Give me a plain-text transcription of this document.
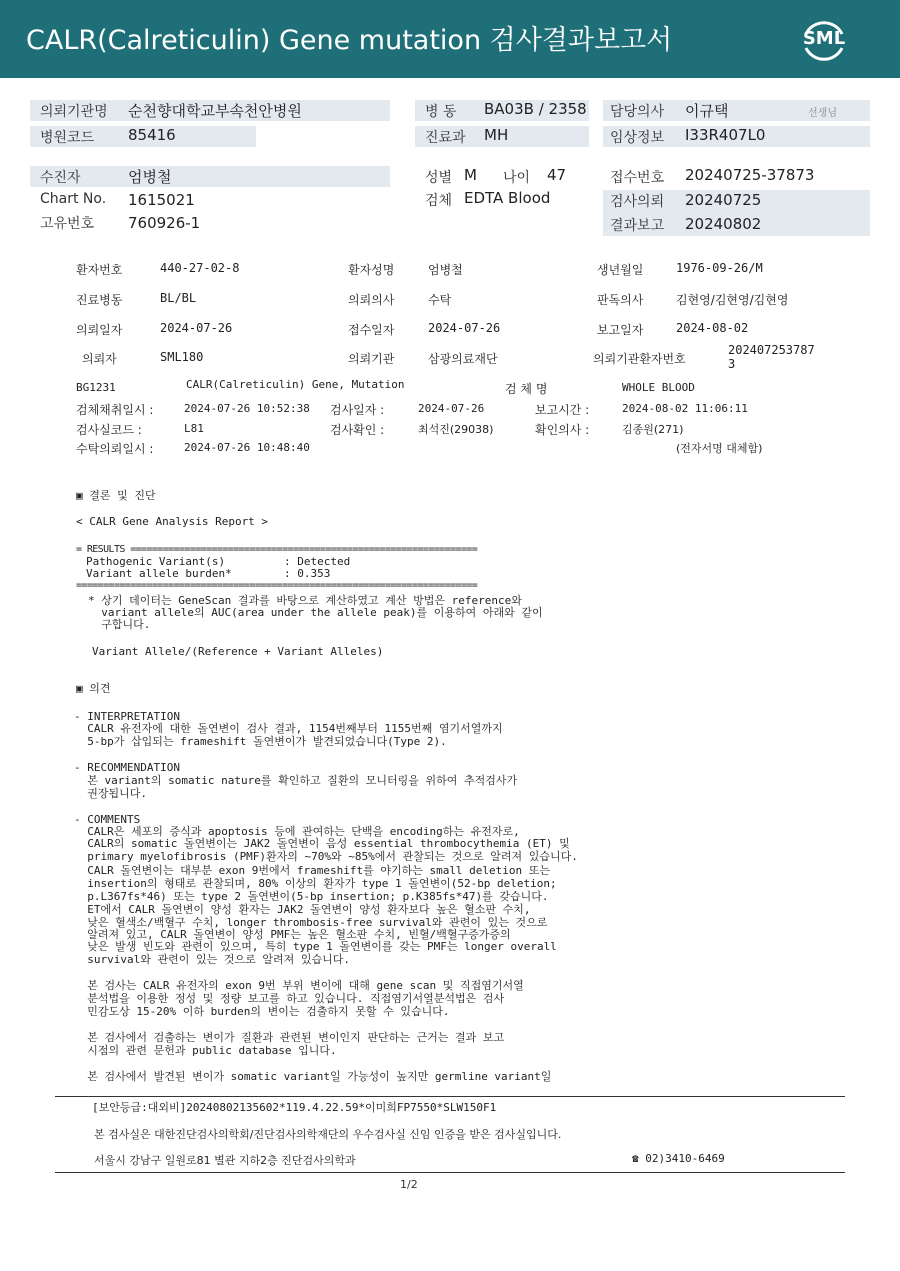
CALR(Calreticulin) Gene mutation 검사결과보고서	SML
의뢰기관명 순천향대학교부속천안병원
병원코드 85416
병 동 BA03B / 2358
진료과 MH
담당의사 이규택	선생님
임상정보 I33R407L0
수진자	엄병철
Chart No. 1615021
고유번호 760926-1
성별 M 나이 47
검체 EDTA Blood
접수번호 20240725-37873
검사의뢰 20240725
결과보고 20240802
환자번호	440-27-02-8	환자성명	엄병철	생년월일	1976-09-26/M
진료병동	BL/BL	의뢰의사	수탁	판독의사	김현영/김현영/김현영
의뢰일자	2024-07-26	접수일자	2024-07-26	보고일자	2024-08-02
의뢰자	SML180	의뢰기관	삼광의료재단	의뢰기관환자번호
202407253787
3
BG1231	CALR(Calreticulin) Gene, Mutation	검 체 명	WHOLE BLOOD
검체채취일시 :	2024-07-26 10:52:38 검사일자 :	2024-07-26	보고시간 :	2024-08-02 11:06:11
검사실코드 :	L81	검사확인 :	최석진(29038)	확인의사 :	김종원(271)
수탁의뢰일시 :	2024-07-26 10:48:40	(전자서명 대체함)
▣ 결론 및 진단
< CALR Gene Analysis Report >
= RESULTS ================================================================
Pathogenic Variant(s)	: Detected
Variant allele burden*	: 0.353
==========================================================================
* 상기 데이터는 GeneScan 결과를 바탕으로 계산하였고 계산 방법은 reference와
variant allele의 AUC(area under the allele peak)를 이용하여 아래와 같이
구합니다.
Variant Allele/(Reference + Variant Alleles)
▣ 의견
- INTERPRETATION
CALR 유전자에 대한 돌연변이 검사 결과, 1154번째부터 1155번째 염기서열까지
5-bp가 삽입되는 frameshift 돌연변이가 발견되었습니다(Type 2).
- RECOMMENDATION
본 variant의 somatic nature를 확인하고 질환의 모니터링을 위하여 추적검사가
권장됩니다.
- COMMENTS
CALR은 세포의 증식과 apoptosis 등에 관여하는 단백을 encoding하는 유전자로,
CALR의 somatic 돌연변이는 JAK2 돌연변이 음성 essential thrombocythemia (ET) 및
primary myelofibrosis (PMF)환자의 ~70%와 ~85%에서 관찰되는 것으로 알려져 있습니다.
CALR 돌연변이는 대부분 exon 9번에서 frameshift를 야기하는 small deletion 또는
insertion의 형태로 관찰되며, 80% 이상의 환자가 type 1 돌연변이(52-bp deletion;
p.L367fs*46) 또는 type 2 돌연변이(5-bp insertion; p.K385fs*47)를 갖습니다.
ET에서 CALR 돌연변이 양성 환자는 JAK2 돌연변이 양성 환자보다 높은 혈소판 수치,
낮은 혈색소/백혈구 수치, longer thrombosis-free survival와 관련이 있는 것으로
알려져 있고, CALR 돌연변이 양성 PMF는 높은 혈소판 수치, 빈혈/백혈구증가증의
낮은 발생 빈도와 관련이 있으며, 특히 type 1 돌연변이를 갖는 PMF는 longer overall
survival와 관련이 있는 것으로 알려져 있습니다.
본 검사는 CALR 유전자의 exon 9번 부위 변이에 대해 gene scan 및 직접염기서열
분석법을 이용한 정성 및 정량 보고를 하고 있습니다. 직접염기서열분석법은 검사
민감도상 15-20% 이하 burden의 변이는 검출하지 못할 수 있습니다.
본 검사에서 검출하는 변이가 질환과 관련된 변이인지 판단하는 근거는 결과 보고
시점의 관련 문헌과 public database 입니다.
본 검사에서 발견된 변이가 somatic variant일 가능성이 높지만 germline variant일
[보안등급:대외비]20240802135602*119.4.22.59*이미희FP7550*SLW150F1
본 검사실은 대한진단검사의학회/진단검사의학재단의 우수검사실 신임 인증을 받은 검사실입니다.
서울시 강남구 일원로81 별관 지하2층 진단검사의학과	☎ 02)3410-6469
1/2
